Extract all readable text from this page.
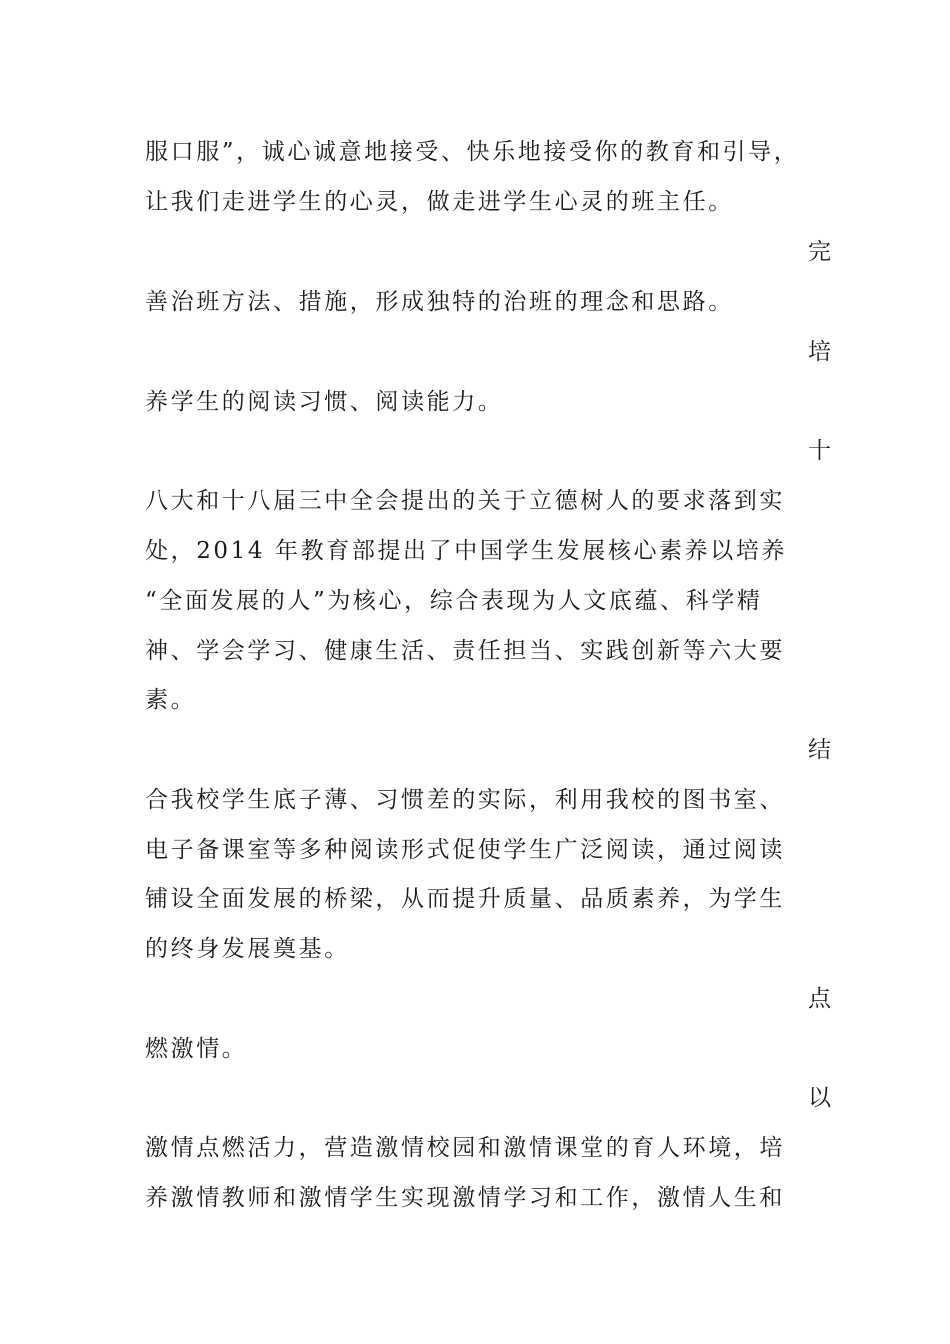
服口服”，诚心诚意地接受、快乐地接受你的教育和引导，
让我们走进学生的心灵，做走进学生心灵的班主任。
完
善治班方法、措施，形成独特的治班的理念和思路。
培
养学生的阅读习惯、阅读能力。
十
八大和十八届三中全会提出的关于立德树人的要求落到实
处，2014 年教育部提出了中国学生发展核心素养以培养
“全面发展的人”为核心，综合表现为人文底蕴、科学精
神、学会学习、健康生活、责任担当、实践创新等六大要
素。
结
合我校学生底子薄、习惯差的实际，利用我校的图书室、
电子备课室等多种阅读形式促使学生广泛阅读，通过阅读
铺设全面发展的桥梁，从而提升质量、品质素养，为学生
的终身发展奠基。
点
燃激情。
以
激情点燃活力，营造激情校园和激情课堂的育人环境，培
养激情教师和激情学生实现激情学习和工作，激情人生和
